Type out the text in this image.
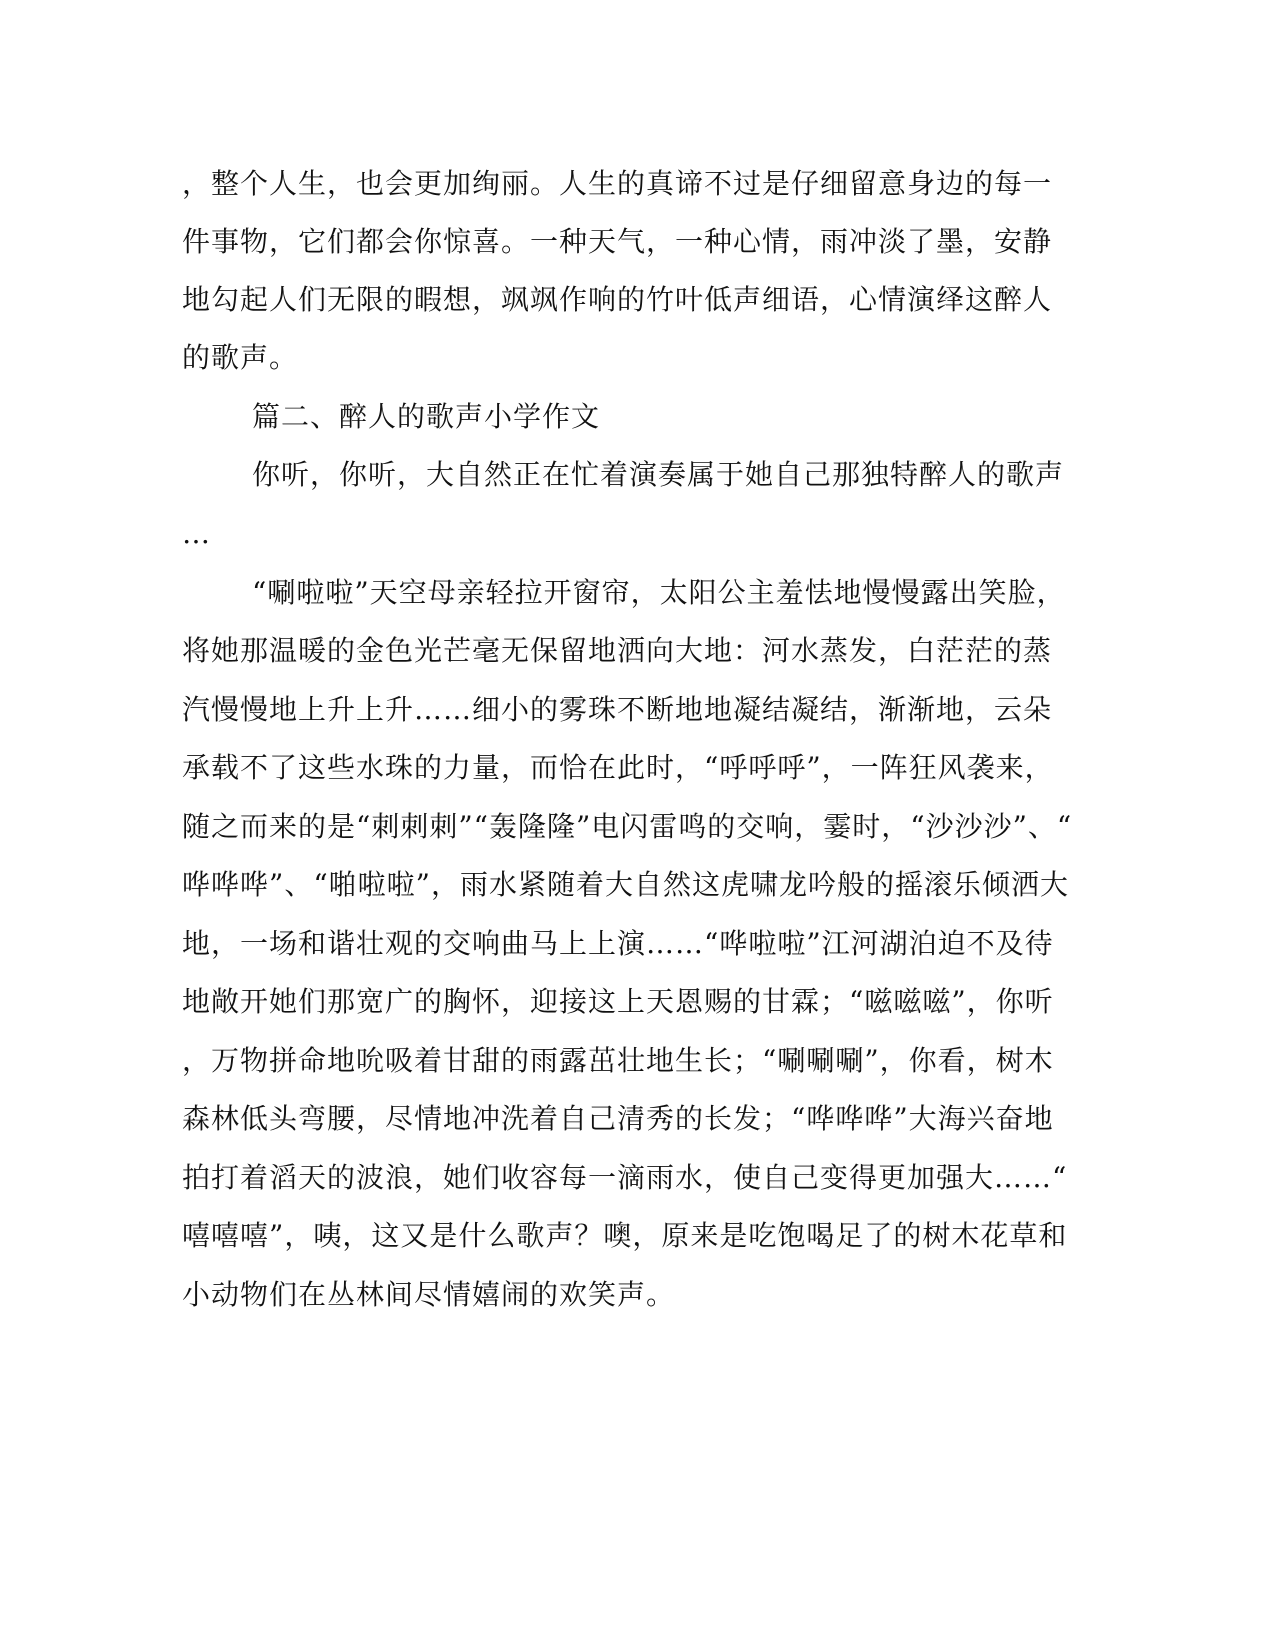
，整个人生，也会更加绚丽。人生的真谛不过是仔细留意身边的每一
件事物，它们都会你惊喜。一种天气，一种心情，雨冲淡了墨，安静
地勾起人们无限的暇想，飒飒作响的竹叶低声细语，心情演绎这醉人
的歌声。
篇二、醉人的歌声小学作文
你听，你听，大自然正在忙着演奏属于她自己那独特醉人的歌声
…
“唰啦啦”天空母亲轻拉开窗帘，太阳公主羞怯地慢慢露出笑脸，
将她那温暖的金色光芒毫无保留地洒向大地：河水蒸发，白茫茫的蒸
汽慢慢地上升上升……细小的雾珠不断地地凝结凝结，渐渐地，云朵
承载不了这些水珠的力量，而恰在此时，“呼呼呼”，一阵狂风袭来，
随之而来的是“刺刺刺”“轰隆隆”电闪雷鸣的交响，霎时，“沙沙沙”、“
哗哗哗”、“啪啦啦”，雨水紧随着大自然这虎啸龙吟般的摇滚乐倾洒大
地，一场和谐壮观的交响曲马上上演……“哗啦啦”江河湖泊迫不及待
地敞开她们那宽广的胸怀，迎接这上天恩赐的甘霖；“嗞嗞嗞”，你听
，万物拼命地吮吸着甘甜的雨露茁壮地生长；“唰唰唰”，你看，树木
森林低头弯腰，尽情地冲洗着自己清秀的长发；“哗哗哗”大海兴奋地
拍打着滔天的波浪，她们收容每一滴雨水，使自己变得更加强大……“
嘻嘻嘻”，咦，这又是什么歌声？噢，原来是吃饱喝足了的树木花草和
小动物们在丛林间尽情嬉闹的欢笑声。
